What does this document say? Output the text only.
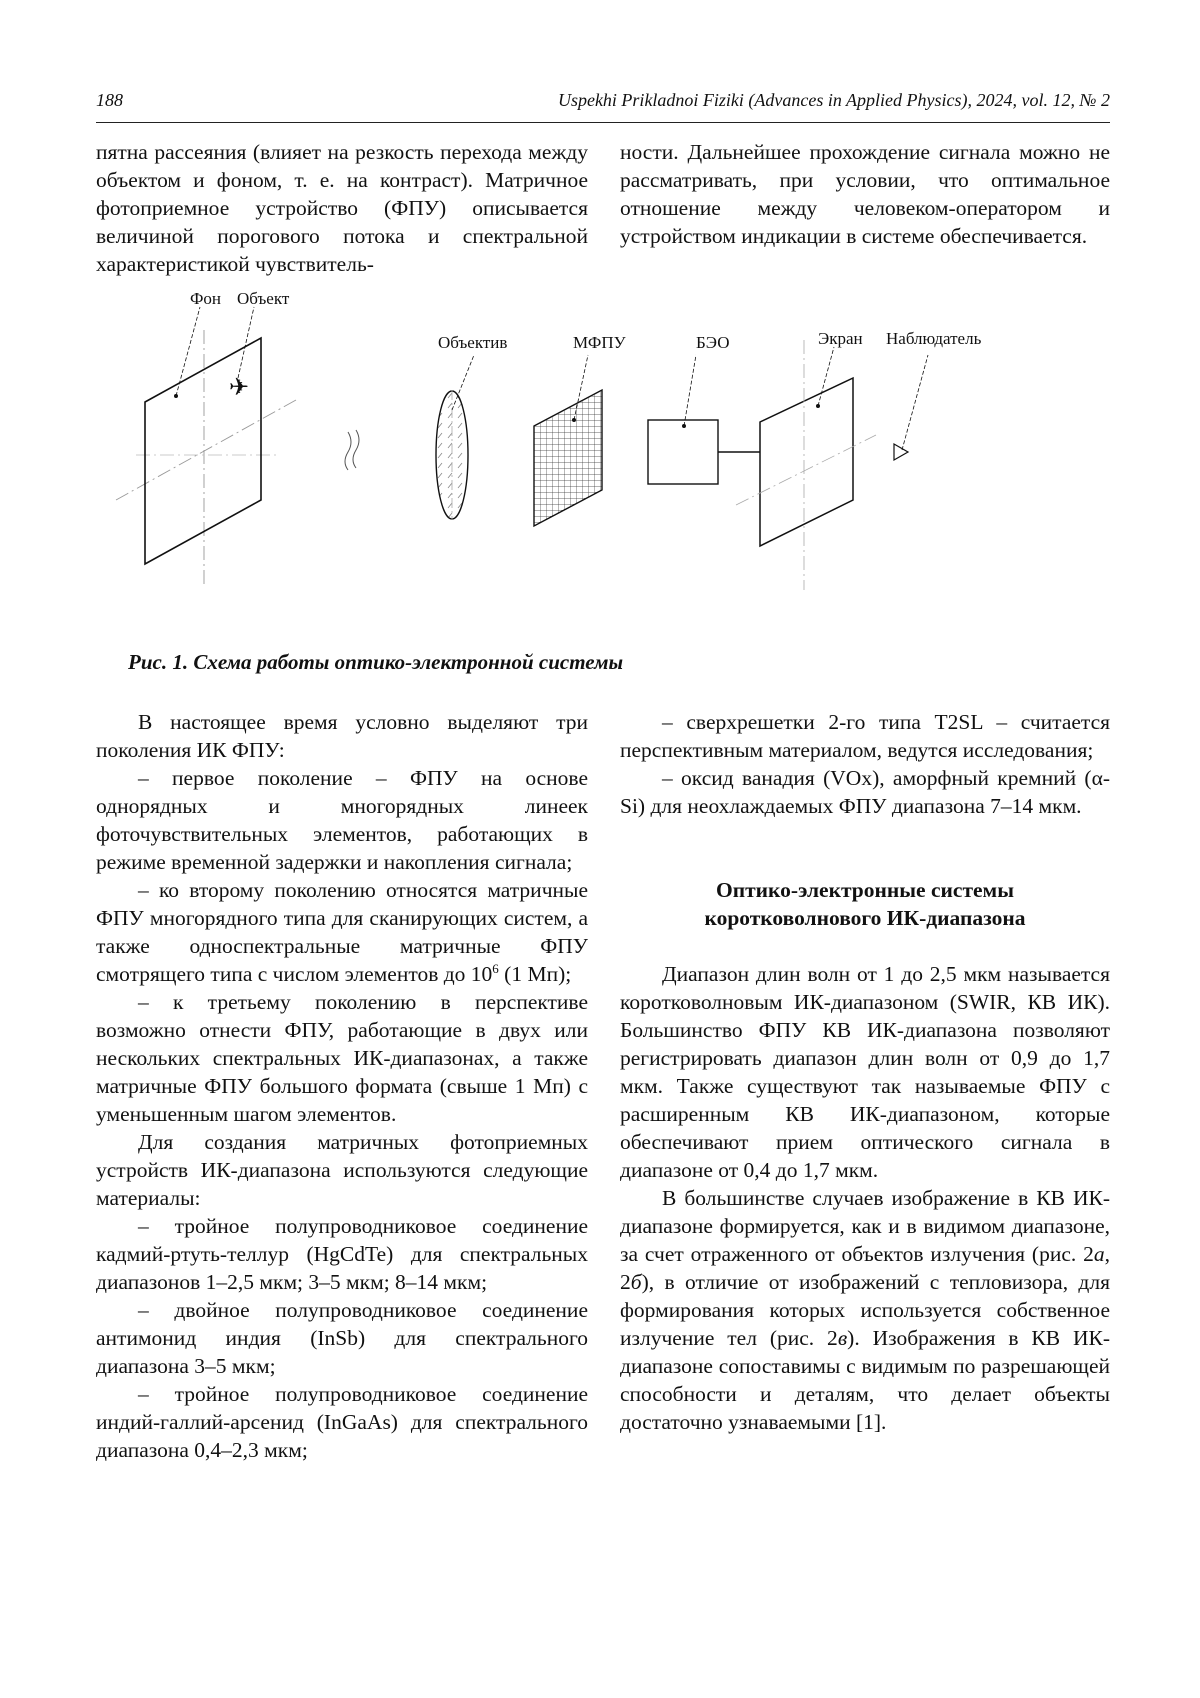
188	Uspekhi Prikladnoi Fiziki (Advances in Applied Physics), 2024, vol. 12, № 2

пятна рассеяния (влияет на резкость перехода между объектом и фоном, т. е. на контраст). Матричное фотоприемное устройство (ФПУ) описывается величиной порогового потока и спектральной характеристикой чувствитель-

ности. Дальнейшее прохождение сигнала можно не рассматривать, при условии, что оптимальное отношение между человеком-оператором и устройством индикации в системе обеспечивается.

✈
Фон Объект
Объектив	МФПУ	БЭО	Экран Наблюдатель
Рис. 1. Схема работы оптико-электронной системы

В настоящее время условно выделяют три поколения ИК ФПУ:

– первое поколение – ФПУ на основе однорядных и многорядных линеек фоточувствительных элементов, работающих в режиме временной задержки и накопления сигнала;

– ко второму поколению относятся матричные ФПУ многорядного типа для сканирующих систем, а также односпектральные матричные ФПУ смотрящего типа с числом элементов до $10^6$ (1 Мп);

– к третьему поколению в перспективе возможно отнести ФПУ, работающие в двух или нескольких спектральных ИК-диапазонах, а также матричные ФПУ большого формата (свыше 1 Мп) с уменьшенным шагом элементов.

Для создания матричных фотоприемных устройств ИК-диапазона используются следующие материалы:

– тройное полупроводниковое соединение кадмий-ртуть-теллур (HgCdTe) для спектральных диапазонов 1–2,5 мкм; 3–5 мкм; 8–14 мкм;

– двойное полупроводниковое соединение антимонид индия (InSb) для спектрального диапазона 3–5 мкм;

– тройное полупроводниковое соединение индий-галлий-арсенид (InGaAs) для спектрального диапазона 0,4–2,3 мкм;

– сверхрешетки 2-го типа T2SL – считается перспективным материалом, ведутся исследования;

– оксид ванадия (VOx), аморфный кремний (α-Si) для неохлаждаемых ФПУ диапазона 7–14 мкм.

Оптико-электронные системы
коротковолнового ИК-диапазона

Диапазон длин волн от 1 до 2,5 мкм называется коротковолновым ИК-диапазоном (SWIR, КВ ИК). Большинство ФПУ КВ ИК-диапазона позволяют регистрировать диапазон длин волн от 0,9 до 1,7 мкм. Также существуют так называемые ФПУ с расширенным КВ ИК-диапазоном, которые обеспечивают прием оптического сигнала в диапазоне от 0,4 до 1,7 мкм.

В большинстве случаев изображение в КВ ИК-диапазоне формируется, как и в видимом диапазоне, за счет отраженного от объектов излучения (рис. 2а, 2б), в отличие от изображений с тепловизора, для формирования которых используется собственное излучение тел (рис. 2в). Изображения в КВ ИК-диапазоне сопоставимы с видимым по разрешающей способности и деталям, что делает объекты достаточно узнаваемыми [1].
